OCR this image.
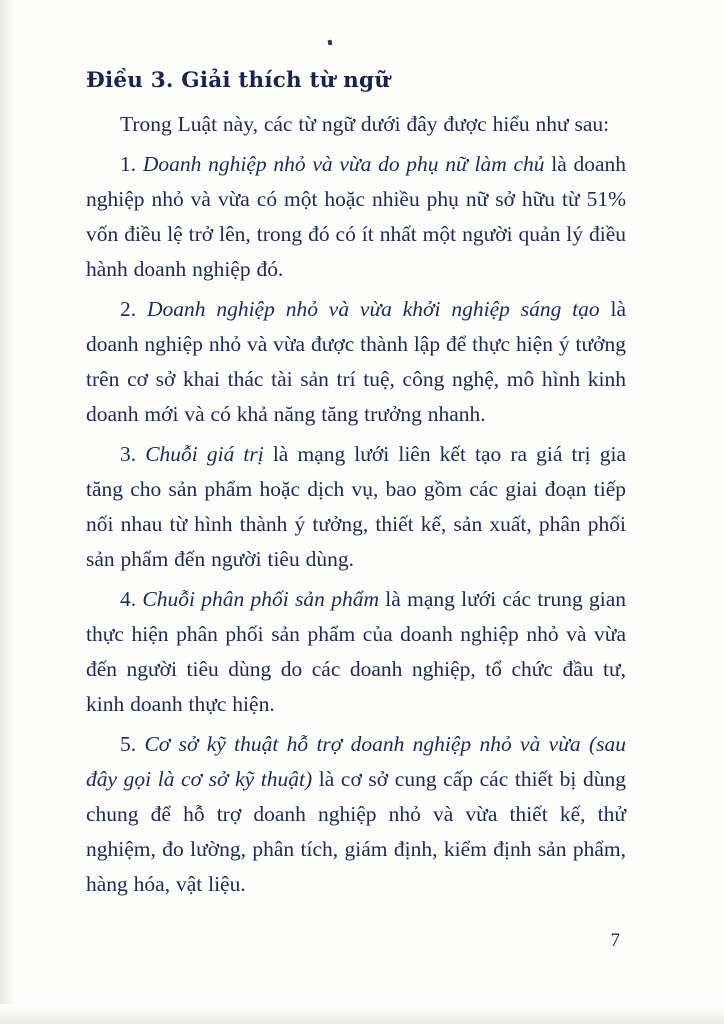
Điều 3. Giải thích từ ngữ

Trong Luật này, các từ ngữ dưới đây được hiểu như sau:

1. Doanh nghiệp nhỏ và vừa do phụ nữ làm chủ là doanh nghiệp nhỏ và vừa có một hoặc nhiều phụ nữ sở hữu từ 51% vốn điều lệ trở lên, trong đó có ít nhất một người quản lý điều hành doanh nghiệp đó.

2. Doanh nghiệp nhỏ và vừa khởi nghiệp sáng tạo là doanh nghiệp nhỏ và vừa được thành lập để thực hiện ý tưởng trên cơ sở khai thác tài sản trí tuệ, công nghệ, mô hình kinh doanh mới và có khả năng tăng trưởng nhanh.

3. Chuỗi giá trị là mạng lưới liên kết tạo ra giá trị gia tăng cho sản phẩm hoặc dịch vụ, bao gồm các giai đoạn tiếp nối nhau từ hình thành ý tưởng, thiết kế, sản xuất, phân phối sản phẩm đến người tiêu dùng.

4. Chuỗi phân phối sản phẩm là mạng lưới các trung gian thực hiện phân phối sản phẩm của doanh nghiệp nhỏ và vừa đến người tiêu dùng do các doanh nghiệp, tổ chức đầu tư, kinh doanh thực hiện.

5. Cơ sở kỹ thuật hỗ trợ doanh nghiệp nhỏ và vừa (sau đây gọi là cơ sở kỹ thuật) là cơ sở cung cấp các thiết bị dùng chung để hỗ trợ doanh nghiệp nhỏ và vừa thiết kế, thử nghiệm, đo lường, phân tích, giám định, kiểm định sản phẩm, hàng hóa, vật liệu.

7
